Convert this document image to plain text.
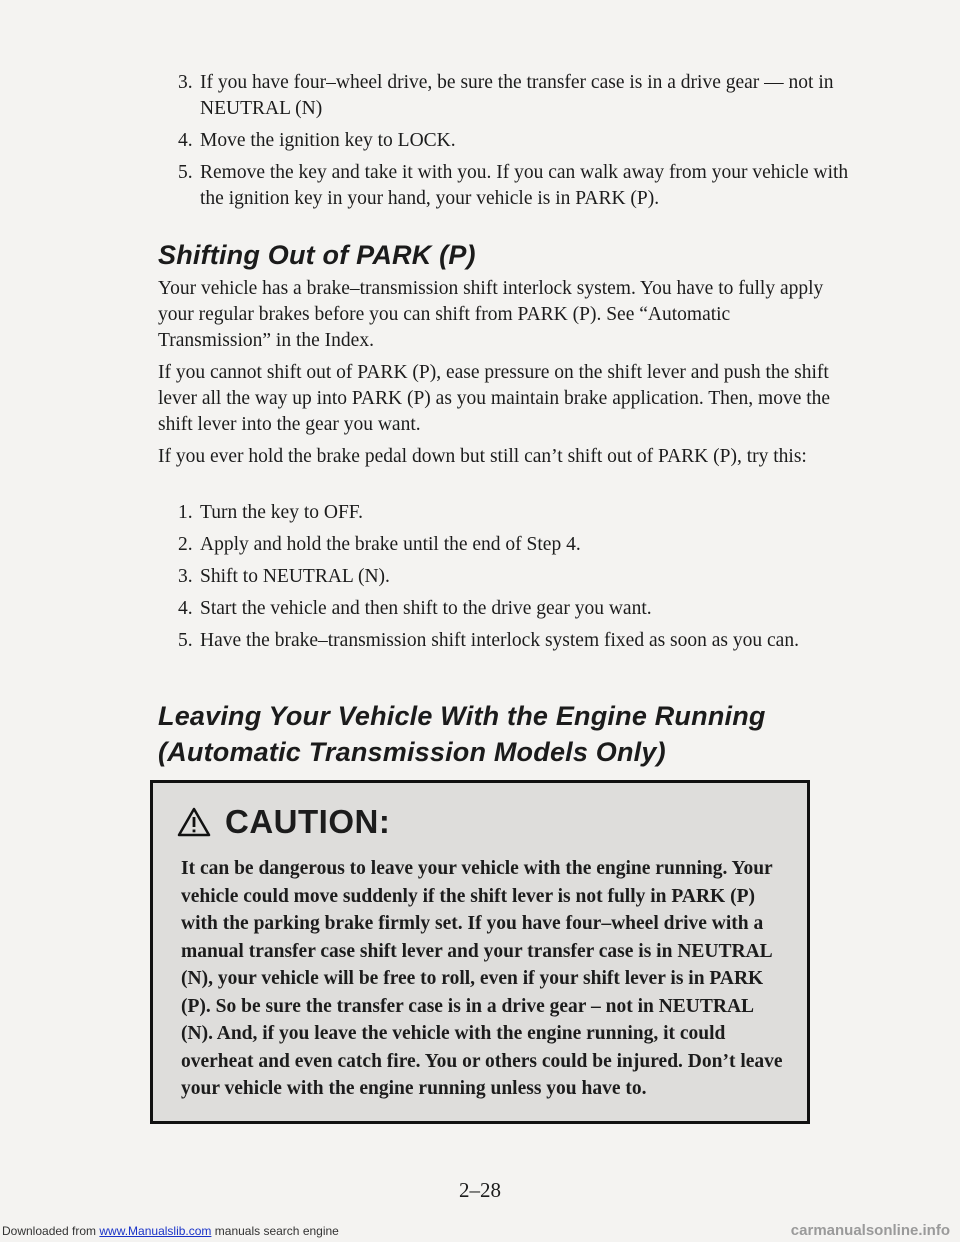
3. If you have four–wheel drive, be sure the transfer case is in a drive gear — not in NEUTRAL (N)
4. Move the ignition key to LOCK.
5. Remove the key and take it with you. If you can walk away from your vehicle with the ignition key in your hand, your vehicle is in PARK (P).
Shifting Out of PARK (P)

Your vehicle has a brake–transmission shift interlock system. You have to fully apply your regular brakes before you can shift from PARK (P). See “Automatic Transmission” in the Index.

If you cannot shift out of PARK (P), ease pressure on the shift lever and push the shift lever all the way up into PARK (P) as you maintain brake application. Then, move the shift lever into the gear you want.

If you ever hold the brake pedal down but still can’t shift out of PARK (P), try this:

1. Turn the key to OFF.
2. Apply and hold the brake until the end of Step 4.
3. Shift to NEUTRAL (N).
4. Start the vehicle and then shift to the drive gear you want.
5. Have the brake–transmission shift interlock system fixed as soon as you can.
Leaving Your Vehicle With the Engine Running
(Automatic Transmission Models Only)
CAUTION:
It can be dangerous to leave your vehicle with the engine running. Your vehicle could move suddenly if the shift lever is not fully in PARK (P) with the parking brake firmly set. If you have four–wheel drive with a manual transfer case shift lever and your transfer case is in NEUTRAL (N), your vehicle will be free to roll, even if your shift lever is in PARK (P). So be sure the transfer case is in a drive gear – not in NEUTRAL (N). And, if you leave the vehicle with the engine running, it could overheat and even catch fire. You or others could be injured. Don’t leave your vehicle with the engine running unless you have to.
2–28
Downloaded from www.Manualslib.com manuals search engine	carmanualsonline.info
